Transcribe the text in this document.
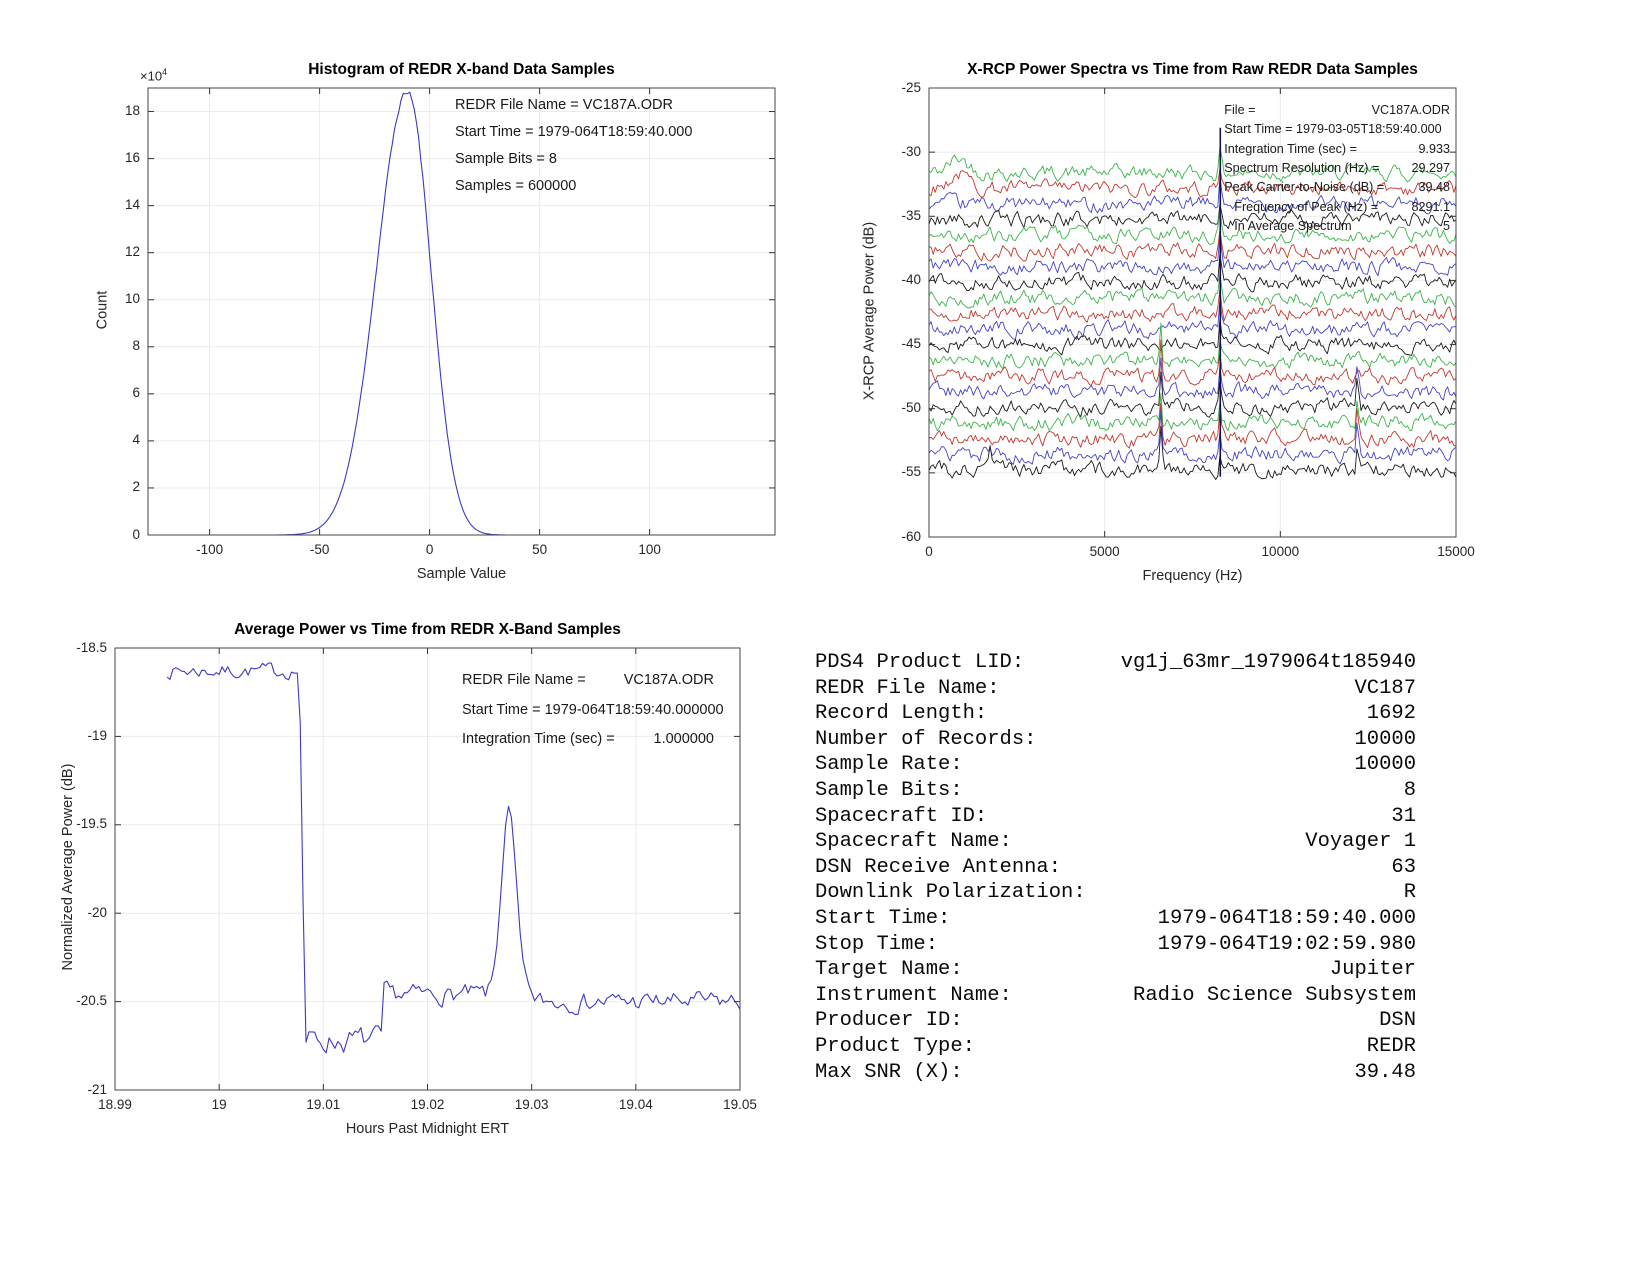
Histogram of REDR X-band Data Samples
-100	-50	0	50	100
0
2
4
6
8
10
12
14
16
18
Sample Value
Count
$\times 10^4$
REDR File Name = VC187A.ODR
Start Time = 1979-064T18:59:40.000
Sample Bits = 8
Samples = 600000
X-RCP Power Spectra vs Time from Raw REDR Data Samples
0	5000	10000	15000
-60
-55
-50
-45
-40
-35
-30
-25
Frequency (Hz)
X-RCP Average Power (dB)
File =	VC187A.ODR
Start Time = 1979-03-05T18:59:40.000
Integration Time (sec) =	9.933
Spectrum Resolution (Hz) =	29.297
Peak Carrier-to-Noise (dB) =	39.48
Frequency of Peak (Hz) =	8291.1
In Average Spectrum	5
Average Power vs Time from REDR X-Band Samples
18.99	19	19.01	19.02	19.03	19.04	19.05
-21
-20.5
-20
-19.5
-19
-18.5
Hours Past Midnight ERT
Normalized Average Power (dB)
REDR File Name =	VC187A.ODR
Start Time = 1979-064T18:59:40.000000
Integration Time (sec) =	1.000000
PDS4 Product LID:	vg1j_63mr_1979064t185940
REDR File Name:	VC187
Record Length:	1692
Number of Records:	10000
Sample Rate:	10000
Sample Bits:	8
Spacecraft ID:	31
Spacecraft Name:	Voyager 1
DSN Receive Antenna:	63
Downlink Polarization:	R
Start Time:	1979-064T18:59:40.000
Stop Time:	1979-064T19:02:59.980
Target Name:	Jupiter
Instrument Name:	Radio Science Subsystem
Producer ID:	DSN
Product Type:	REDR
Max SNR (X):	39.48
